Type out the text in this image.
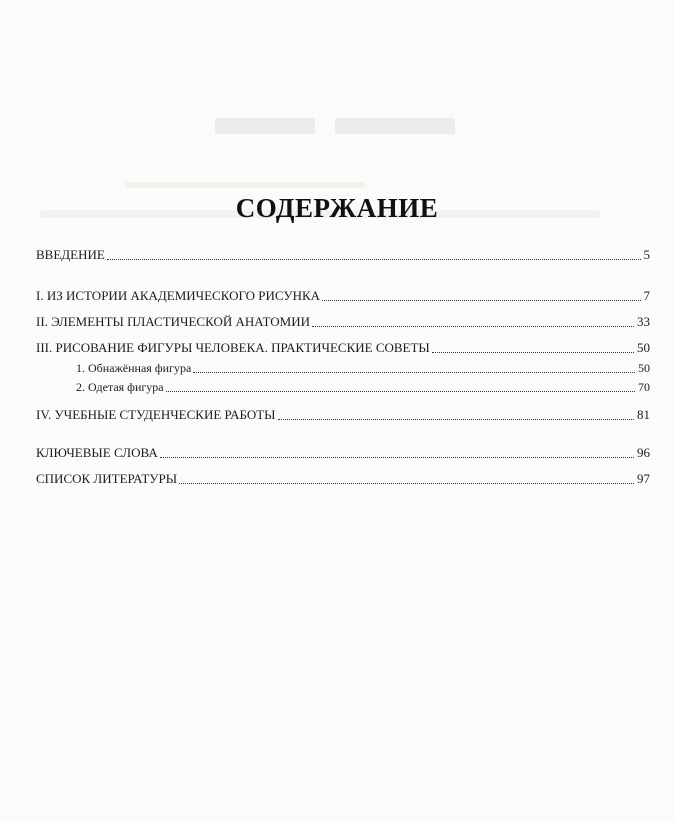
СОДЕРЖАНИЕ
ВВЕДЕНИЕ	5
I. ИЗ ИСТОРИИ АКАДЕМИЧЕСКОГО РИСУНКА	7
II. ЭЛЕМЕНТЫ ПЛАСТИЧЕСКОЙ АНАТОМИИ	33
III. РИСОВАНИЕ ФИГУРЫ ЧЕЛОВЕКА. ПРАКТИЧЕСКИЕ СОВЕТЫ	50
1. Обнажённая фигура	50
2. Одетая фигура	70
IV. УЧЕБНЫЕ СТУДЕНЧЕСКИЕ РАБОТЫ	81
КЛЮЧЕВЫЕ СЛОВА	96
СПИСОК ЛИТЕРАТУРЫ	97
